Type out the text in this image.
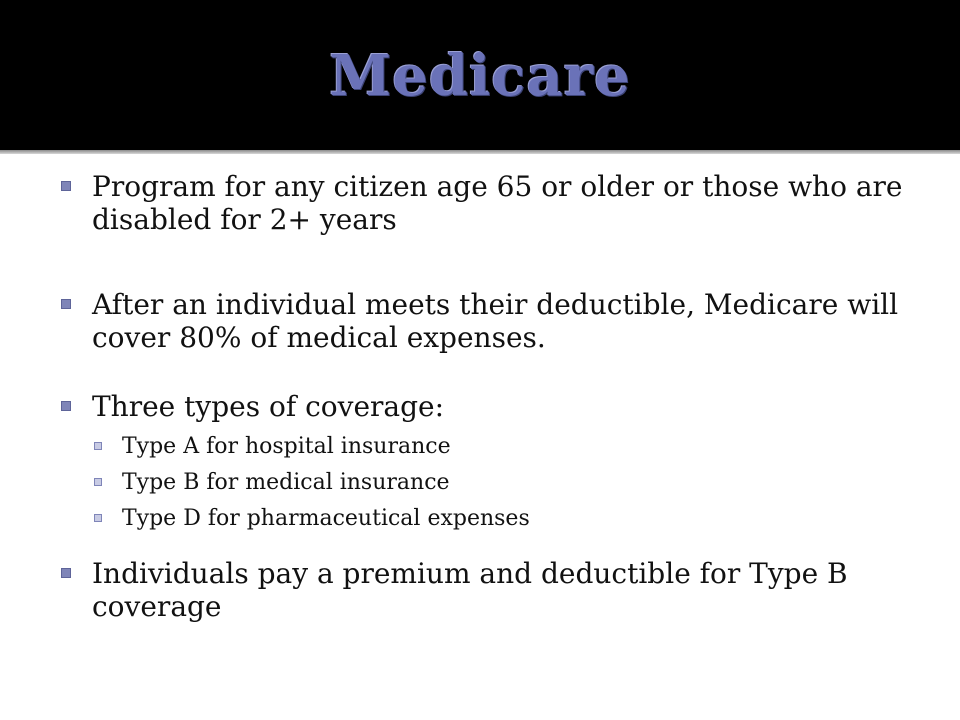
Medicare
Program for any citizen age 65 or older or those who are disabled for 2+ years
After an individual meets their deductible, Medicare will cover 80% of medical expenses.
Three types of coverage:
Type A for hospital insurance
Type B for medical insurance
Type D for pharmaceutical expenses
Individuals pay a premium and deductible for Type B coverage
